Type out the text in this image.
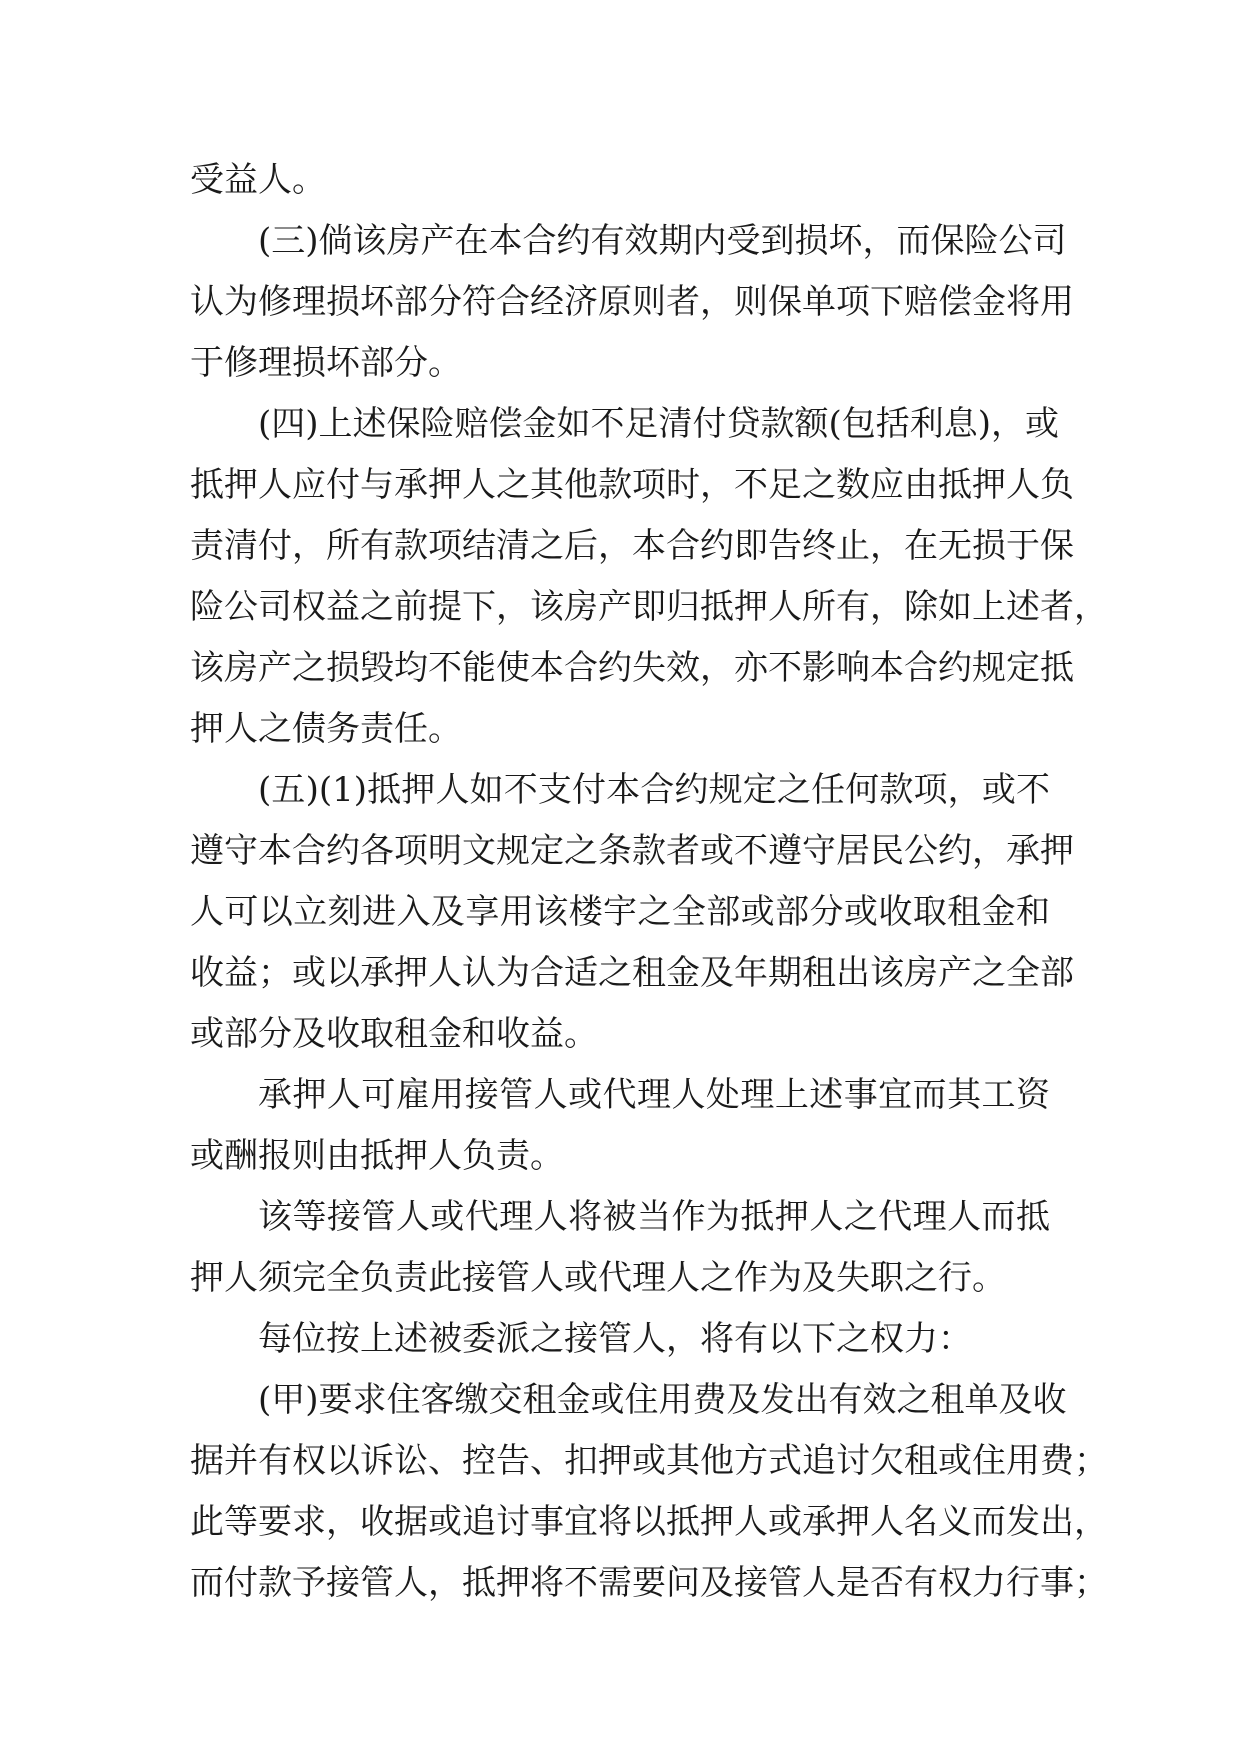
受益人。
(三)倘该房产在本合约有效期内受到损坏，而保险公司
认为修理损坏部分符合经济原则者，则保单项下赔偿金将用
于修理损坏部分。
(四)上述保险赔偿金如不足清付贷款额(包括利息)，或
抵押人应付与承押人之其他款项时，不足之数应由抵押人负
责清付，所有款项结清之后，本合约即告终止，在无损于保
险公司权益之前提下，该房产即归抵押人所有，除如上述者，
该房产之损毁均不能使本合约失效，亦不影响本合约规定抵
押人之债务责任。
(五)(1)抵押人如不支付本合约规定之任何款项，或不
遵守本合约各项明文规定之条款者或不遵守居民公约，承押
人可以立刻进入及享用该楼宇之全部或部分或收取租金和
收益；或以承押人认为合适之租金及年期租出该房产之全部
或部分及收取租金和收益。
承押人可雇用接管人或代理人处理上述事宜而其工资
或酬报则由抵押人负责。
该等接管人或代理人将被当作为抵押人之代理人而抵
押人须完全负责此接管人或代理人之作为及失职之行。
每位按上述被委派之接管人，将有以下之权力：
(甲)要求住客缴交租金或住用费及发出有效之租单及收
据并有权以诉讼、控告、扣押或其他方式追讨欠租或住用费；
此等要求，收据或追讨事宜将以抵押人或承押人名义而发出，
而付款予接管人，抵押将不需要问及接管人是否有权力行事；
